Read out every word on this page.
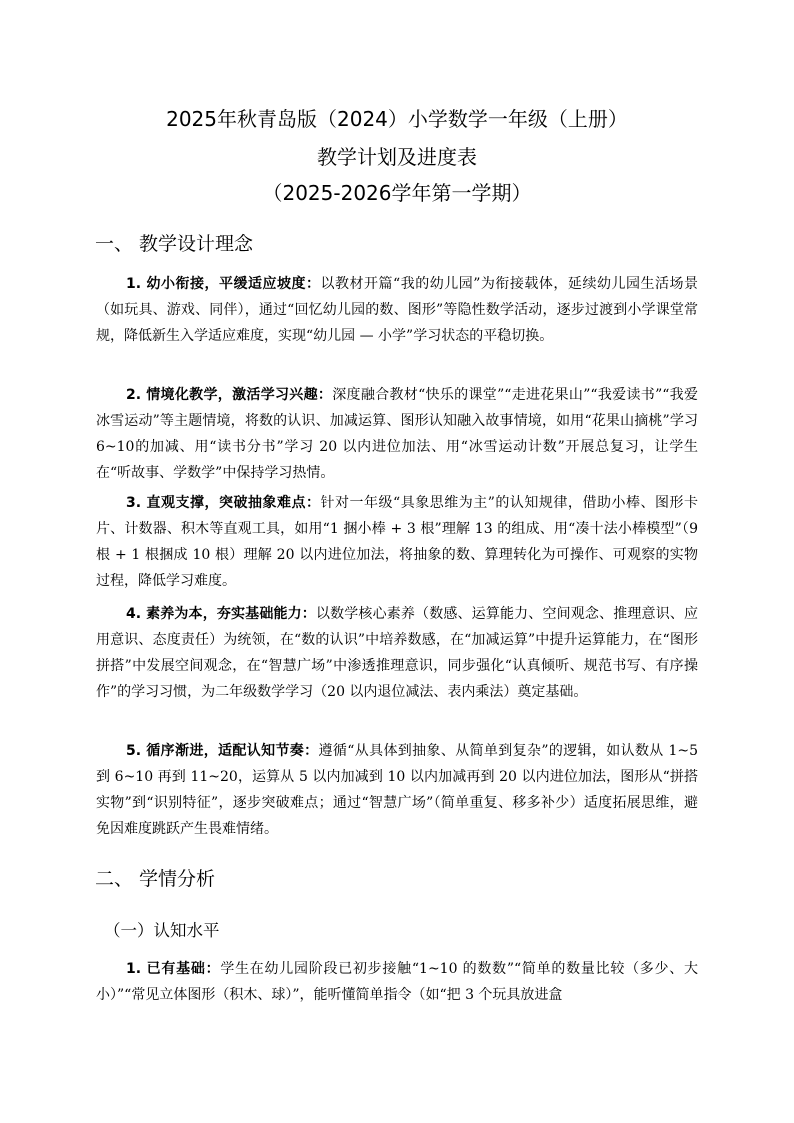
2025年秋青岛版（2024）小学数学一年级（上册）
教学计划及进度表
（2025-2026学年第一学期）
一、 教学设计理念
1. 幼小衔接，平缓适应坡度：以教材开篇“我的幼儿园”为衔接载体，延续幼儿园生活场景（如玩具、游戏、同伴），通过“回忆幼儿园的数、图形”等隐性数学活动，逐步过渡到小学课堂常规，降低新生入学适应难度，实现“幼儿园 — 小学”学习状态的平稳切换。
2. 情境化教学，激活学习兴趣：深度融合教材“快乐的课堂”“走进花果山”“我爱读书”“我爱冰雪运动”等主题情境，将数的认识、加减运算、图形认知融入故事情境，如用“花果山摘桃”学习 6~10的加减、用“读书分书”学习 20 以内进位加法、用“冰雪运动计数”开展总复习，让学生在“听故事、学数学”中保持学习热情。
3. 直观支撑，突破抽象难点：针对一年级“具象思维为主”的认知规律，借助小棒、图形卡片、计数器、积木等直观工具，如用“1 捆小棒 + 3 根”理解 13 的组成、用“凑十法小棒模型”（9 根 + 1 根捆成 10 根）理解 20 以内进位加法，将抽象的数、算理转化为可操作、可观察的实物过程，降低学习难度。
4. 素养为本，夯实基础能力：以数学核心素养（数感、运算能力、空间观念、推理意识、应用意识、态度责任）为统领，在“数的认识”中培养数感，在“加减运算”中提升运算能力，在“图形拼搭”中发展空间观念，在“智慧广场”中渗透推理意识，同步强化“认真倾听、规范书写、有序操作”的学习习惯，为二年级数学学习（20 以内退位减法、表内乘法）奠定基础。
5. 循序渐进，适配认知节奏：遵循“从具体到抽象、从简单到复杂”的逻辑，如认数从 1~5 到 6~10 再到 11~20，运算从 5 以内加减到 10 以内加减再到 20 以内进位加法，图形从“拼搭实物”到“识别特征”，逐步突破难点；通过“智慧广场”（简单重复、移多补少）适度拓展思维，避免因难度跳跃产生畏难情绪。
二、 学情分析
（一）认知水平
1. 已有基础：学生在幼儿园阶段已初步接触“1~10 的数数”“简单的数量比较（多少、大小）”“常见立体图形（积木、球）”，能听懂简单指令（如“把 3 个玩具放进盒
